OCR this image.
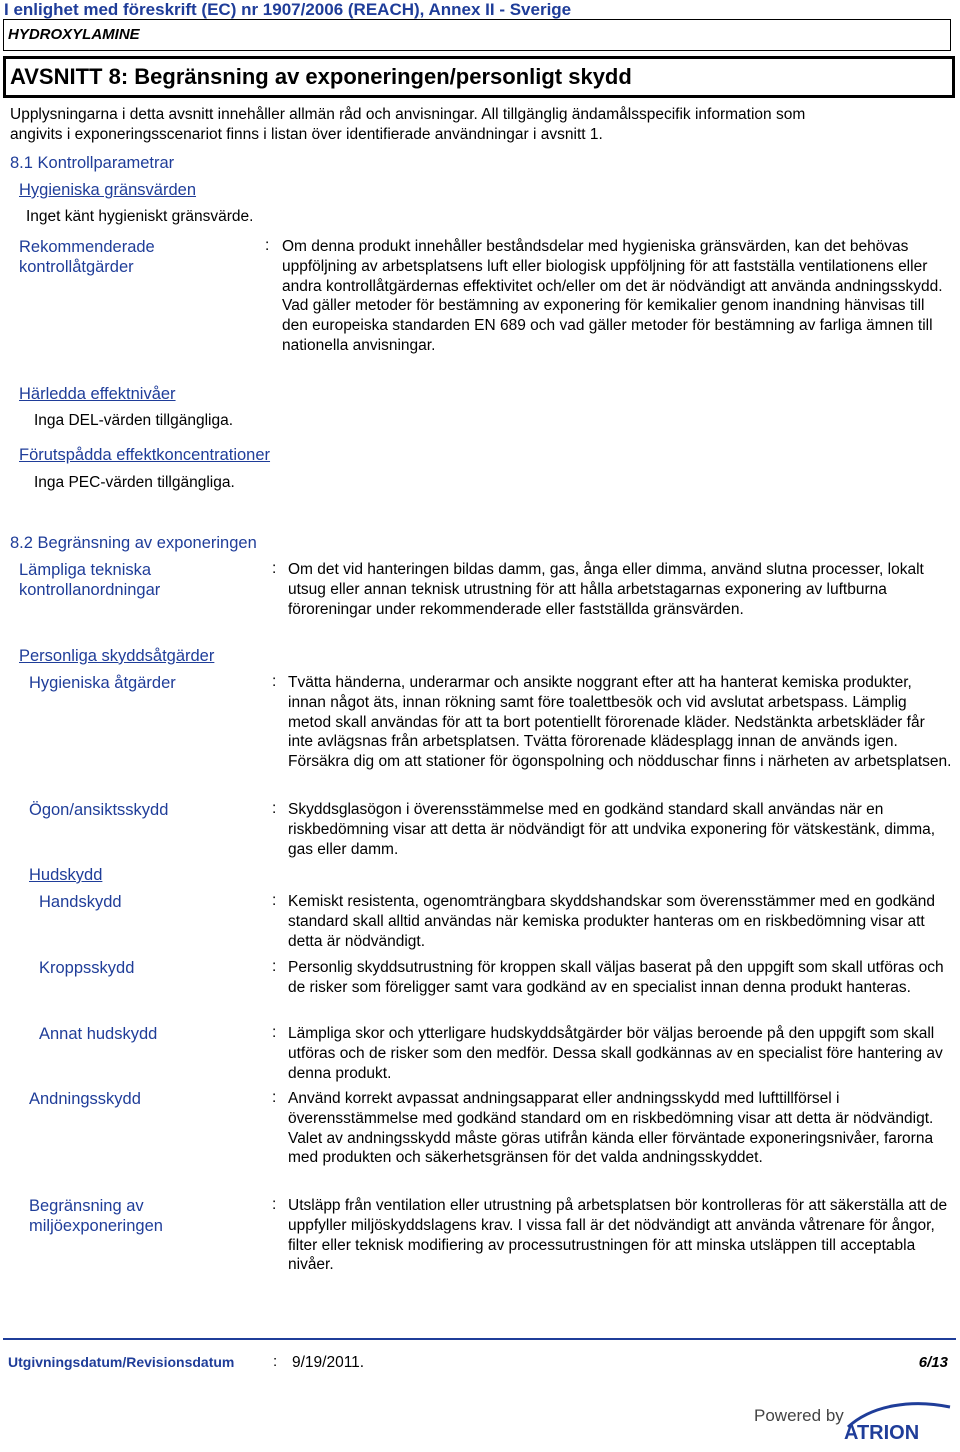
I enlighet med föreskrift (EC) nr 1907/2006 (REACH), Annex II - Sverige
HYDROXYLAMINE
AVSNITT 8: Begränsning av exponeringen/personligt skydd
Upplysningarna i detta avsnitt innehåller allmän råd och anvisningar. All tillgänglig ändamålsspecifik information som
angivits i exponeringsscenariot finns i listan över identifierade användningar i avsnitt 1.
8.1 Kontrollparametrar
Hygieniska gränsvärden
Inget känt hygieniskt gränsvärde.
Rekommenderade
kontrollåtgärder
: Om denna produkt innehåller beståndsdelar med hygieniska gränsvärden, kan det behövas uppföljning av arbetsplatsens luft eller biologisk uppföljning för att fastställa ventilationens eller andra kontrollåtgärdernas effektivitet och/eller om det är nödvändigt att använda andningsskydd. Vad gäller metoder för bestämning av exponering för kemikalier genom inandning hänvisas till den europeiska standarden EN 689 och vad gäller metoder för bestämning av farliga ämnen till nationella anvisningar.
Härledda effektnivåer
Inga DEL-värden tillgängliga.
Förutspådda effektkoncentrationer
Inga PEC-värden tillgängliga.
8.2 Begränsning av exponeringen
Lämpliga tekniska
kontrollanordningar
: Om det vid hanteringen bildas damm, gas, ånga eller dimma, använd slutna processer, lokalt utsug eller annan teknisk utrustning för att hålla arbetstagarnas exponering av luftburna föroreningar under rekommenderade eller fastställda gränsvärden.
Personliga skyddsåtgärder
Hygieniska åtgärder	: Tvätta händerna, underarmar och ansikte noggrant efter att ha hanterat kemiska produkter, innan något äts, innan rökning samt före toalettbesök och vid avslutat arbetspass. Lämplig metod skall användas för att ta bort potentiellt förorenade kläder. Nedstänkta arbetskläder får inte avlägsnas från arbetsplatsen. Tvätta förorenade klädesplagg innan de används igen. Försäkra dig om att stationer för ögonspolning och nödduschar finns i närheten av arbetsplatsen.
Ögon/ansiktsskydd	: Skyddsglasögon i överensstämmelse med en godkänd standard skall användas när en riskbedömning visar att detta är nödvändigt för att undvika exponering för vätskestänk, dimma, gas eller damm.
Hudskydd
Handskydd	: Kemiskt resistenta, ogenomträngbara skyddshandskar som överensstämmer med en godkänd standard skall alltid användas när kemiska produkter hanteras om en riskbedömning visar att detta är nödvändigt.
Kroppsskydd	: Personlig skyddsutrustning för kroppen skall väljas baserat på den uppgift som skall utföras och de risker som föreligger samt vara godkänd av en specialist innan denna produkt hanteras.
Annat hudskydd	: Lämpliga skor och ytterligare hudskyddsåtgärder bör väljas beroende på den uppgift som skall utföras och de risker som den medför. Dessa skall godkännas av en specialist före hantering av denna produkt.
Andningsskydd	: Använd korrekt avpassat andningsapparat eller andningsskydd med lufttillförsel i överensstämmelse med godkänd standard om en riskbedömning visar att detta är nödvändigt. Valet av andningsskydd måste göras utifrån kända eller förväntade exponeringsnivåer, farorna med produkten och säkerhetsgränsen för det valda andningsskyddet.
Begränsning av
miljöexponeringen
: Utsläpp från ventilation eller utrustning på arbetsplatsen bör kontrolleras för att säkerställa att de uppfyller miljöskyddslagens krav. I vissa fall är det nödvändigt att använda våtrenare för ångor, filter eller teknisk modifiering av processutrustningen för att minska utsläppen till acceptabla nivåer.
Utgivningsdatum/Revisionsdatum	: 9/19/2011.	6/13
Powered by
ATRION
